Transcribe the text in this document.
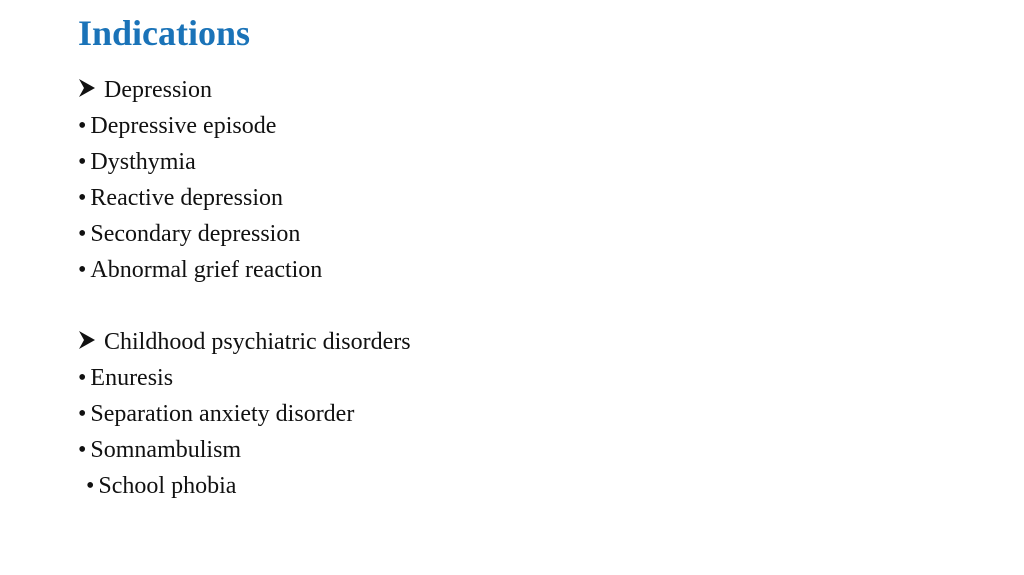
Indications
Depression
• Depressive episode
• Dysthymia
• Reactive depression
• Secondary depression
• Abnormal grief reaction
Childhood psychiatric disorders
• Enuresis
• Separation anxiety disorder
• Somnambulism
• School phobia
